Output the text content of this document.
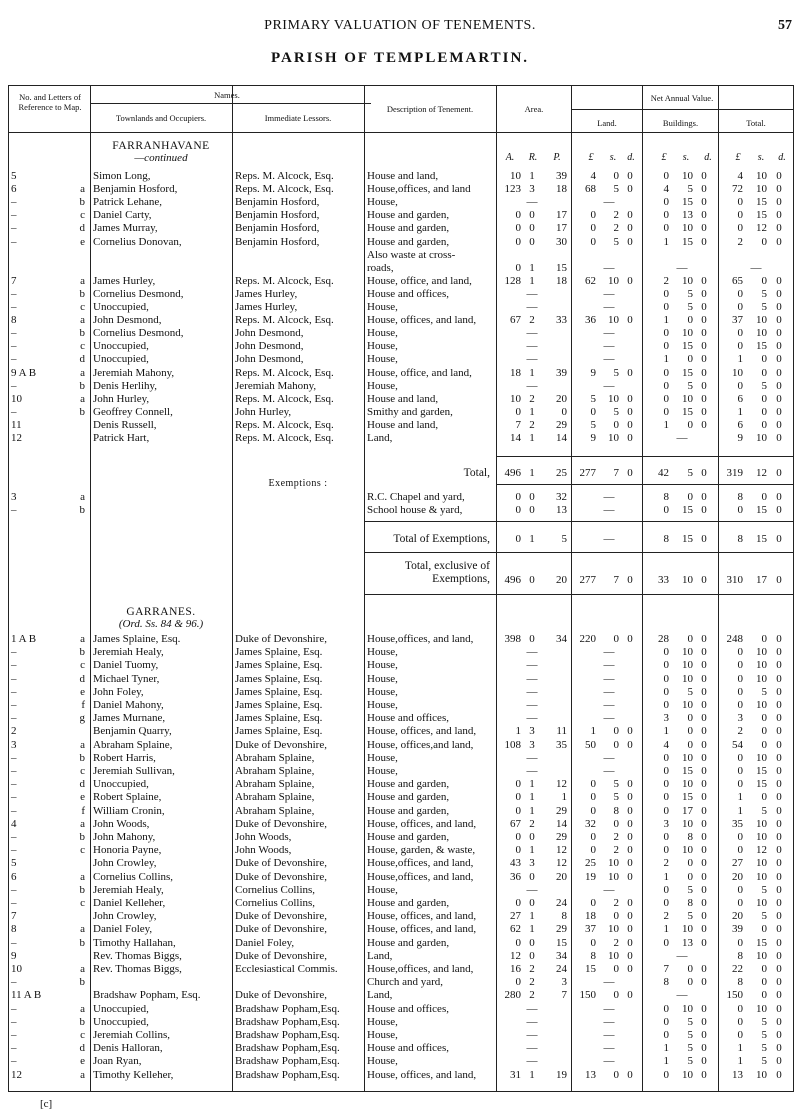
PRIMARY VALUATION OF TENEMENTS.	57
PARISH OF TEMPLEMARTIN.
No. and Letters of Reference to Map.
Names.
Townlands and Occupiers.	Immediate Lessors.
Description of Tenement.	Area.
Net Annual Value.
Land.	Buildings.	Total.
FARRANHAVANE
—continued	A.	R.	P.	£	s.	d.	£	s.	d.	£	s.	d.
5	Simon Long,	Reps. M. Alcock, Esq.	House and land,	10 1	39	4	0 0	0	10 0	4	10 0
6	a Benjamin Hosford,	Reps. M. Alcock, Esq.	House,offices, and land	123 3	18	68	5 0	4	5 0	72	10 0
–	b Patrick Lehane,	Benjamin Hosford,	House,	—	—	0	15 0	0	15 0
–	c Daniel Carty,	Benjamin Hosford,	House and garden,	0 0	17	0	2 0	0	13 0	0	15 0
–	d James Murray,	Benjamin Hosford,	House and garden,	0 0	17	0	2 0	0	10 0	0	12 0
–	e Cornelius Donovan,	Benjamin Hosford,	House and garden,	0 0	30	0	5 0	1	15 0	2	0 0
Also waste at cross-
roads,	0 1	15	—	—	—
7	a James Hurley,	Reps. M. Alcock, Esq.	House, office, and land,	128 1	18	62	10 0	2	10 0	65	0 0
–	b Cornelius Desmond,	James Hurley,	House and offices,	—	—	0	5 0	0	5 0
–	c Unoccupied,	James Hurley,	House,	—	—	0	5 0	0	5 0
8	a John Desmond,	Reps. M. Alcock, Esq.	House, offices, and land,	67 2	33	36	10 0	1	0 0	37	10 0
–	b Cornelius Desmond,	John Desmond,	House,	—	—	0	10 0	0	10 0
–	c Unoccupied,	John Desmond,	House,	—	—	0	15 0	0	15 0
–	d Unoccupied,	John Desmond,	House,	—	—	1	0 0	1	0 0
9 A B	a Jeremiah Mahony,	Reps. M. Alcock, Esq.	House, office, and land,	18 1	39	9	5 0	0	15 0	10	0 0
–	b Denis Herlihy,	Jeremiah Mahony,	House,	—	—	0	5 0	0	5 0
10	a John Hurley,	Reps. M. Alcock, Esq.	House and land,	10 2	20	5	10 0	0	10 0	6	0 0
–	b Geoffrey Connell,	John Hurley,	Smithy and garden,	0 1	0	0	5 0	0	15 0	1	0 0
11	Denis Russell,	Reps. M. Alcock, Esq.	House and land,	7 2	29	5	0 0	1	0 0	6	0 0
12	Patrick Hart,	Reps. M. Alcock, Esq.	Land,	14 1	14	9	10 0	—	9	10 0
Total,	496 1	25	277	7 0	42	5 0	319	12 0
Exemptions :
3	a	R.C. Chapel and yard,	0 0	32	—	8	0 0	8	0 0
–	b	School house & yard,	0 0	13	—	0	15 0	0	15 0
Total of Exemptions,	0 1	5	—	8	15 0	8	15 0
Total, exclusive of
Exemptions,	496 0	20	277	7 0	33	10 0	310	17 0
GARRANES.
(Ord. Ss. 84 & 96.)
1 A B	a James Splaine, Esq.	Duke of Devonshire,	House,offices, and land,	398 0	34	220	0 0	28	0 0	248	0 0
–	b Jeremiah Healy,	James Splaine, Esq.	House,	—	—	0	10 0	0	10 0
–	c Daniel Tuomy,	James Splaine, Esq.	House,	—	—	0	10 0	0	10 0
–	d Michael Tyner,	James Splaine, Esq.	House,	—	—	0	10 0	0	10 0
–	e John Foley,	James Splaine, Esq.	House,	—	—	0	5 0	0	5 0
–	f Daniel Mahony,	James Splaine, Esq.	House,	—	—	0	10 0	0	10 0
–	g James Murnane,	James Splaine, Esq.	House and offices,	—	—	3	0 0	3	0 0
2	Benjamin Quarry,	James Splaine, Esq.	House, offices, and land,	1 3	11	1	0 0	1	0 0	2	0 0
3	a Abraham Splaine,	Duke of Devonshire,	House, offices,and land,	108 3	35	50	0 0	4	0 0	54	0 0
–	b Robert Harris,	Abraham Splaine,	House,	—	—	0	10 0	0	10 0
–	c Jeremiah Sullivan,	Abraham Splaine,	House,	—	—	0	15 0	0	15 0
–	d Unoccupied,	Abraham Splaine,	House and garden,	0 1	12	0	5 0	0	10 0	0	15 0
–	e Robert Splaine,	Abraham Splaine,	House and garden,	0 1	1	0	5 0	0	15 0	1	0 0
–	f William Cronin,	Abraham Splaine,	House and garden,	0 1	29	0	8 0	0	17 0	1	5 0
4	a John Woods,	Duke of Devonshire,	House, offices, and land,	67 2	14	32	0 0	3	10 0	35	10 0
–	b John Mahony,	John Woods,	House and garden,	0 0	29	0	2 0	0	8 0	0	10 0
–	c Honoria Payne,	John Woods,	House, garden, & waste,	0 1	12	0	2 0	0	10 0	0	12 0
5	John Crowley,	Duke of Devonshire,	House,offices, and land,	43 3	12	25	10 0	2	0 0	27	10 0
6	a Cornelius Collins,	Duke of Devonshire,	House,offices, and land,	36 0	20	19	10 0	1	0 0	20	10 0
–	b Jeremiah Healy,	Cornelius Collins,	House,	—	—	0	5 0	0	5 0
–	c Daniel Kelleher,	Cornelius Collins,	House and garden,	0 0	24	0	2 0	0	8 0	0	10 0
7	John Crowley,	Duke of Devonshire,	House, offices, and land,	27 1	8	18	0 0	2	5 0	20	5 0
8	a Daniel Foley,	Duke of Devonshire,	House, offices, and land,	62 1	29	37	10 0	1	10 0	39	0 0
–	b Timothy Hallahan,	Daniel Foley,	House and garden,	0 0	15	0	2 0	0	13 0	0	15 0
9	Rev. Thomas Biggs,	Duke of Devonshire,	Land,	12 0	34	8	10 0	—	8	10 0
10	a Rev. Thomas Biggs,	Ecclesiastical Commis.	House,offices, and land,	16 2	24	15	0 0	7	0 0	22	0 0
–	b	Church and yard,	0 2	3	—	8	0 0	8	0 0
11 A B	Bradshaw Popham, Esq.	Duke of Devonshire,	Land,	280 2	7	150	0 0	—	150	0 0
–	a Unoccupied,	Bradshaw Popham,Esq.	House and offices,	—	—	0	10 0	0	10 0
–	b Unoccupied,	Bradshaw Popham,Esq.	House,	—	—	0	5 0	0	5 0
–	c Jeremiah Collins,	Bradshaw Popham,Esq.	House,	—	—	0	5 0	0	5 0
–	d Denis Halloran,	Bradshaw Popham,Esq.	House and offices,	—	—	1	5 0	1	5 0
–	e Joan Ryan,	Bradshaw Popham,Esq.	House,	—	—	1	5 0	1	5 0
12	a Timothy Kelleher,	Bradshaw Popham,Esq.	House, offices, and land,	31 1	19	13	0 0	0	10 0	13	10 0
[c]
